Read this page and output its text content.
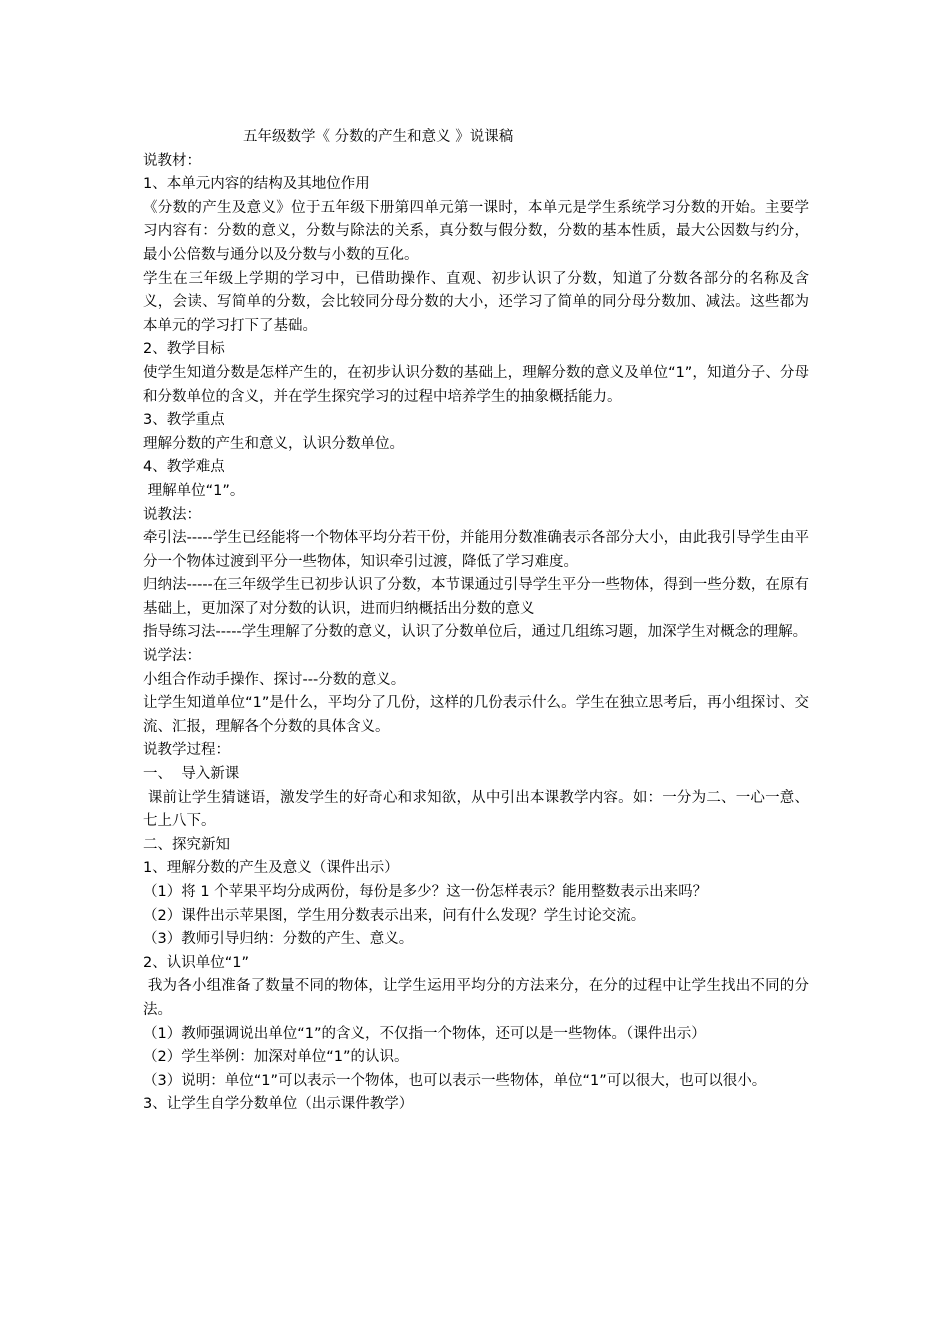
五年级数学《 分数的产生和意义 》说课稿

说教材：

1、本单元内容的结构及其地位作用

《分数的产生及意义》位于五年级下册第四单元第一课时，本单元是学生系统学习分数的开始。主要学习内容有：分数的意义，分数与除法的关系，真分数与假分数，分数的基本性质，最大公因数与约分，最小公倍数与通分以及分数与小数的互化。

学生在三年级上学期的学习中，已借助操作、直观、初步认识了分数，知道了分数各部分的名称及含义，会读、写简单的分数，会比较同分母分数的大小，还学习了简单的同分母分数加、减法。这些都为本单元的学习打下了基础。

2、教学目标

使学生知道分数是怎样产生的，在初步认识分数的基础上，理解分数的意义及单位“1”，知道分子、分母和分数单位的含义，并在学生探究学习的过程中培养学生的抽象概括能力。

3、教学重点

理解分数的产生和意义，认识分数单位。

4、教学难点

理解单位“1”。

说教法：

牵引法-----学生已经能将一个物体平均分若干份，并能用分数准确表示各部分大小，由此我引导学生由平分一个物体过渡到平分一些物体，知识牵引过渡，降低了学习难度。

归纳法-----在三年级学生已初步认识了分数，本节课通过引导学生平分一些物体，得到一些分数，在原有基础上，更加深了对分数的认识，进而归纳概括出分数的意义

指导练习法-----学生理解了分数的意义，认识了分数单位后，通过几组练习题，加深学生对概念的理解。

说学法：

小组合作动手操作、探讨---分数的意义。

让学生知道单位“1”是什么，平均分了几份，这样的几份表示什么。学生在独立思考后，再小组探讨、交流、汇报，理解各个分数的具体含义。

说教学过程：

一、  导入新课

课前让学生猜谜语，激发学生的好奇心和求知欲，从中引出本课教学内容。如：一分为二、一心一意、七上八下。

二、探究新知

1、理解分数的产生及意义（课件出示）

（1）将 1 个苹果平均分成两份，每份是多少？这一份怎样表示？能用整数表示出来吗？

（2）课件出示苹果图，学生用分数表示出来，问有什么发现？学生讨论交流。

（3）教师引导归纳：分数的产生、意义。

2、认识单位“1”

我为各小组准备了数量不同的物体，让学生运用平均分的方法来分，在分的过程中让学生找出不同的分法。

（1）教师强调说出单位“1”的含义，不仅指一个物体，还可以是一些物体。（课件出示）

（2）学生举例：加深对单位“1”的认识。

（3）说明：单位“1”可以表示一个物体，也可以表示一些物体，单位“1”可以很大，也可以很小。

3、让学生自学分数单位（出示课件教学）
